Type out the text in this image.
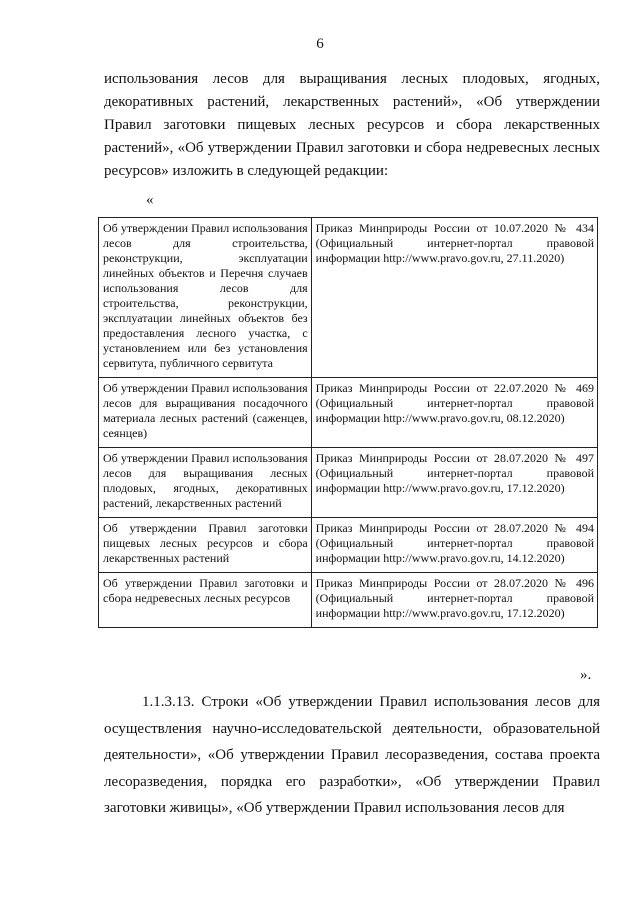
6

использования лесов для выращивания лесных плодовых, ягодных, декоративных растений, лекарственных растений», «Об утверждении Правил заготовки пищевых лесных ресурсов и сбора лекарственных растений», «Об утверждении Правил заготовки и сбора недревесных лесных ресурсов» изложить в следующей редакции:

«
Об утверждении Правил использования лесов для строительства, реконструкции, эксплуатации линейных объектов и Перечня случаев использования лесов для строительства, реконструкции, эксплуатации линейных объектов без предоставления лесного участка, с установлением или без установления сервитута, публичного сервитута	Приказ Минприроды России от 10.07.2020 № 434 (Официальный интернет-портал правовой информации http://www.pravo.gov.ru, 27.11.2020)
Об утверждении Правил использования лесов для выращивания посадочного материала лесных растений (саженцев, сеянцев)	Приказ Минприроды России от 22.07.2020 № 469 (Официальный интернет-портал правовой информации http://www.pravo.gov.ru, 08.12.2020)
Об утверждении Правил использования лесов для выращивания лесных плодовых, ягодных, декоративных растений, лекарственных растений	Приказ Минприроды России от 28.07.2020 № 497 (Официальный интернет-портал правовой информации http://www.pravo.gov.ru, 17.12.2020)
Об утверждении Правил заготовки пищевых лесных ресурсов и сбора лекарственных растений	Приказ Минприроды России от 28.07.2020 № 494 (Официальный интернет-портал правовой информации http://www.pravo.gov.ru, 14.12.2020)
Об утверждении Правил заготовки и сбора недревесных лесных ресурсов	Приказ Минприроды России от 28.07.2020 № 496 (Официальный интернет-портал правовой информации http://www.pravo.gov.ru, 17.12.2020)
».

1.1.3.13. Строки «Об утверждении Правил использования лесов для осуществления научно-исследовательской деятельности, образовательной деятельности», «Об утверждении Правил лесоразведения, состава проекта лесоразведения, порядка его разработки», «Об утверждении Правил заготовки живицы», «Об утверждении Правил использования лесов для
